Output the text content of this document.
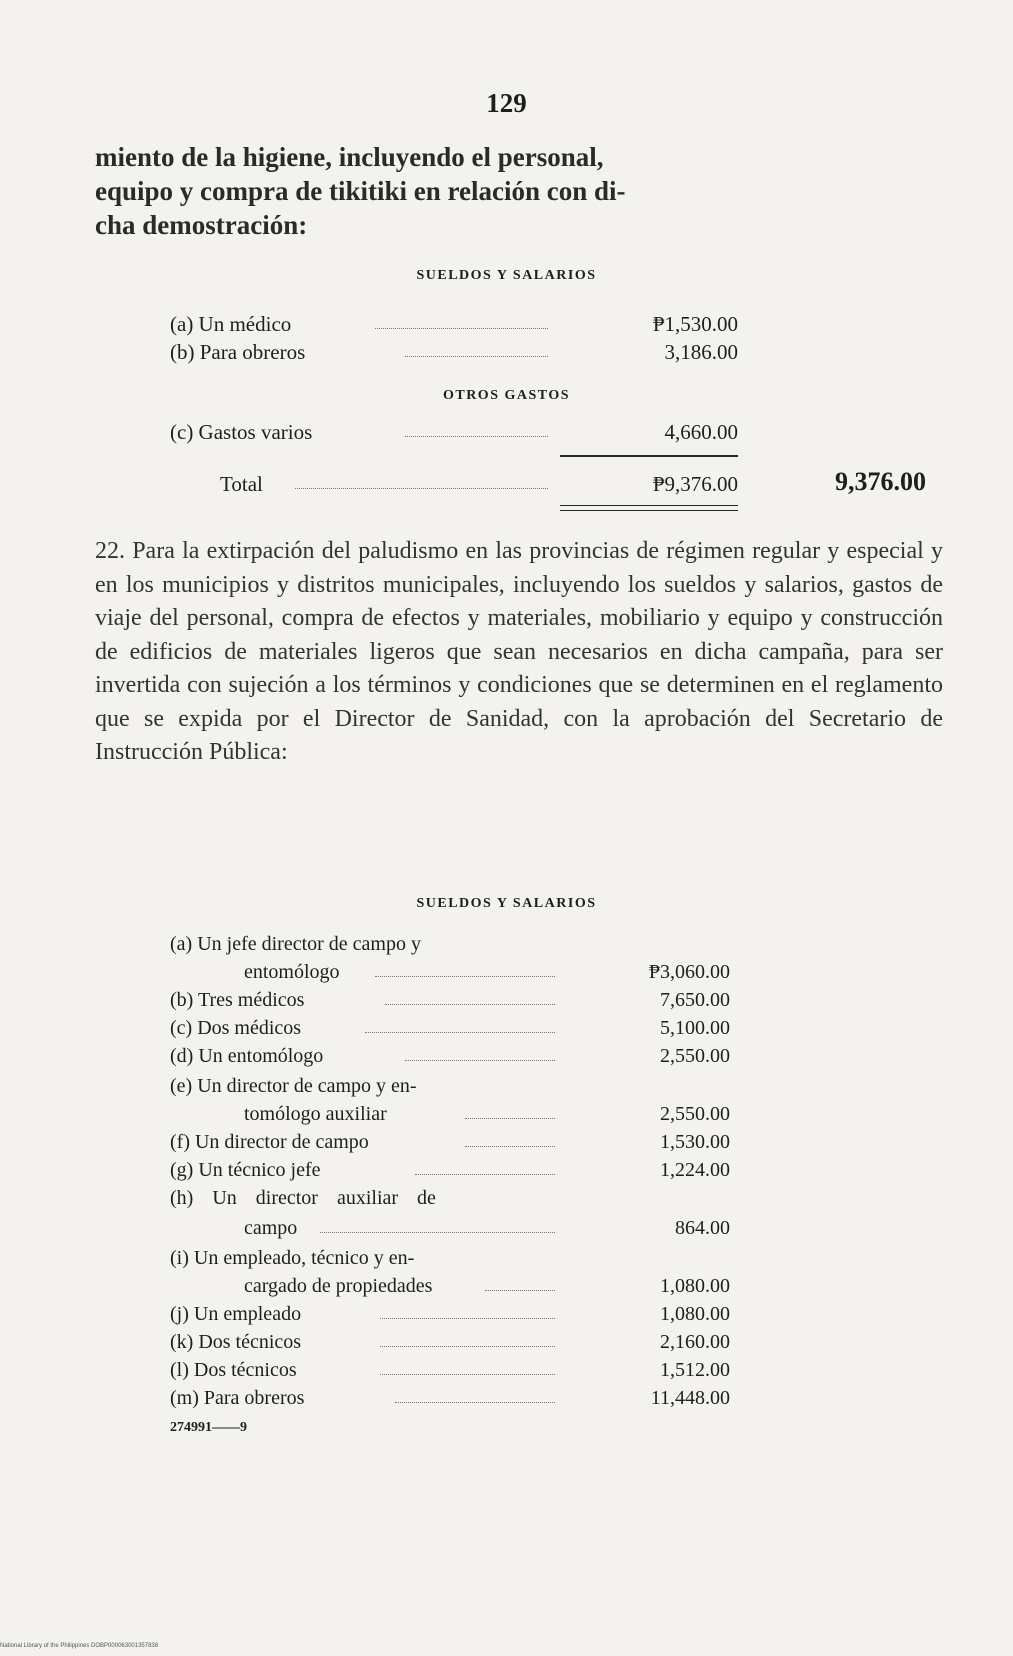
129
miento de la higiene, incluyendo el personal,
equipo y compra de tikitiki en relación con di-
cha demostración:
SUELDOS Y SALARIOS
(a) Un médico	₱1,530.00
(b) Para obreros	3,186.00
OTROS GASTOS
(c) Gastos varios	4,660.00
Total	₱9,376.00	9,376.00
22. Para la extirpación del paludismo en las provincias de régimen regular y especial y en los municipios y distritos municipales, incluyendo los sueldos y salarios, gastos de viaje del personal, compra de efectos y materiales, mobiliario y equipo y construcción de edificios de materiales ligeros que sean necesarios en dicha campaña, para ser invertida con sujeción a los términos y condiciones que se determinen en el reglamento que se expida por el Director de Sanidad, con la aprobación del Secretario de Instrucción Pública:
SUELDOS Y SALARIOS
(a) Un jefe director de campo y
entomólogo	₱3,060.00
(b) Tres médicos	7,650.00
(c) Dos médicos	5,100.00
(d) Un entomólogo	2,550.00
(e) Un director de campo y en-
tomólogo auxiliar	2,550.00
(f) Un director de campo	1,530.00
(g) Un técnico jefe	1,224.00
(h) Un director auxiliar de
campo	864.00
(i) Un empleado, técnico y en-
cargado de propiedades	1,080.00
(j) Un empleado	1,080.00
(k) Dos técnicos	2,160.00
(l) Dos técnicos	1,512.00
(m) Para obreros	11,448.00
274991——9
National Library of the Philippines DOBP000063001357838
